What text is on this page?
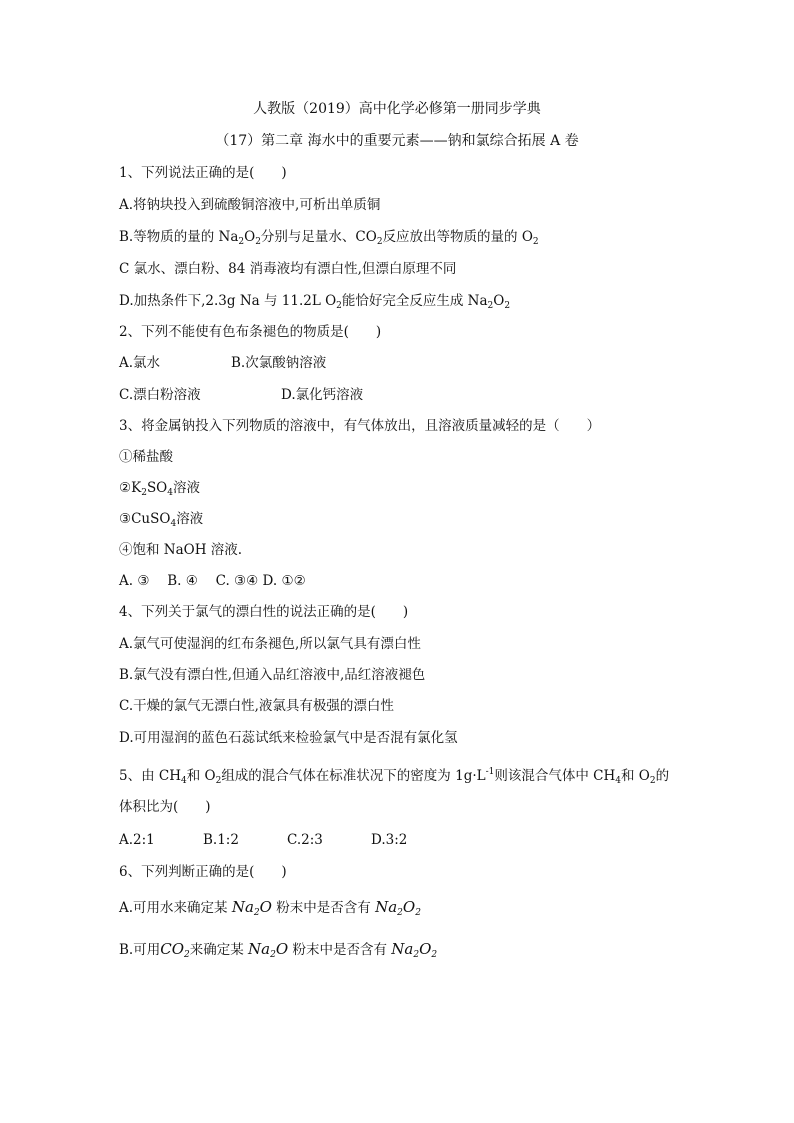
人教版（2019）高中化学必修第一册同步学典
（17）第二章 海水中的重要元素——钠和氯综合拓展 A 卷
1、下列说法正确的是(　　)
A.将钠块投入到硫酸铜溶液中,可析出单质铜
B.等物质的量的 $Na_2O_2$分别与足量水、$CO_2$反应放出等物质的量的 $O_2$
C 氯水、漂白粉、84 消毒液均有漂白性,但漂白原理不同
D.加热条件下,2.3g Na 与 11.2L $O_2$能恰好完全反应生成 $Na_2O_2$
2、下列不能使有色布条褪色的物质是(　　)
A.氯水	B.次氯酸钠溶液
C.漂白粉溶液	D.氯化钙溶液
3、将金属钠投入下列物质的溶液中，有气体放出，且溶液质量减轻的是（　　）
①稀盐酸
$②K_2SO_4$溶液
③CuSO$_4$溶液
④饱和 NaOH 溶液.
A. ③　 B. ④　 C. ③④ D. ①②
4、下列关于氯气的漂白性的说法正确的是(　　)
A.氯气可使湿润的红布条褪色,所以氯气具有漂白性
B.氯气没有漂白性,但通入品红溶液中,品红溶液褪色
C.干燥的氯气无漂白性,液氯具有极强的漂白性
D.可用湿润的蓝色石蕊试纸来检验氯气中是否混有氯化氢
5、由 $CH_4$和 $O_2$组成的混合气体在标准状况下的密度为 $1g\cdot L^{-1}$则该混合气体中 $CH_4$和 $O_2$的
体积比为(　　)
A.2:1	B.1:2	C.2:3	D.3:2
6、下列判断正确的是(　　)
A.可用水来确定某 $Na_2O$ 粉末中是否含有 $Na_2O_2$
B.可用$CO_2$来确定某 $Na_2O$ 粉末中是否含有 $Na_2O_2$
